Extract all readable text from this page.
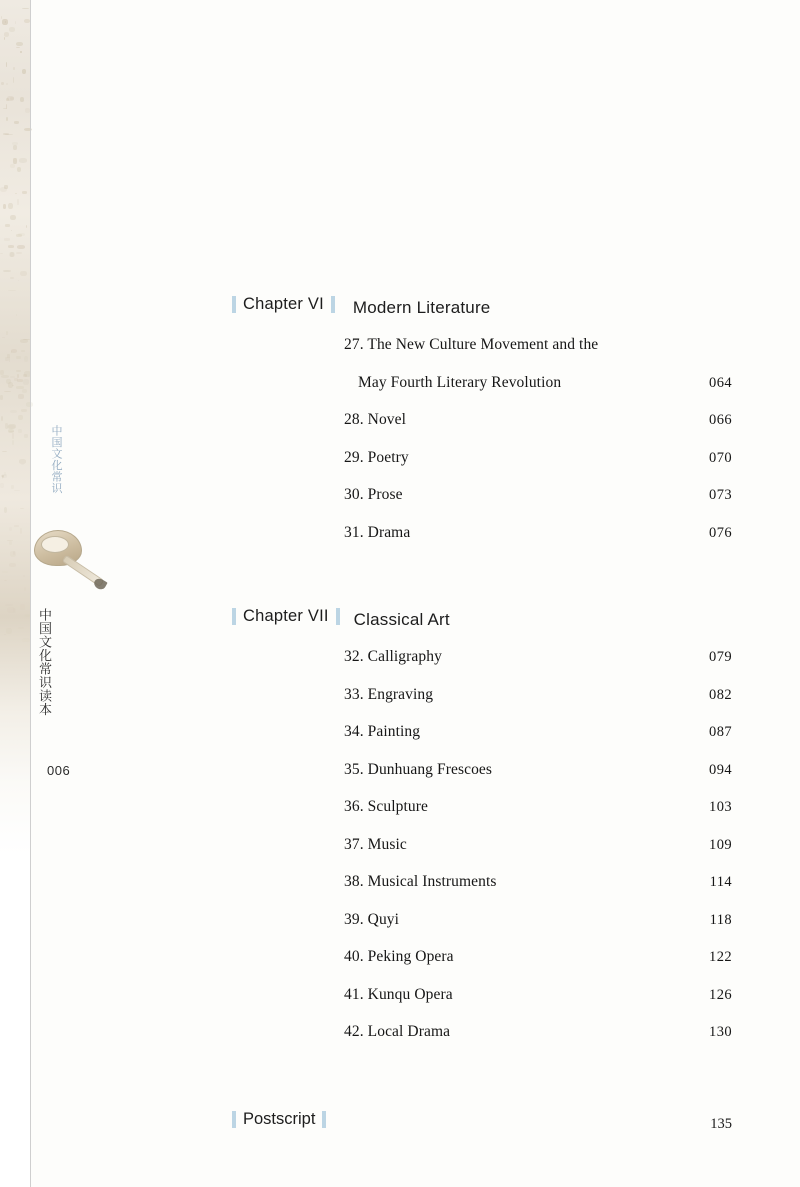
中国文化常识
中国文化常识读本
006
Chapter VI Modern Literature
27. The New Culture Movement and the
May Fourth Literary Revolution	064
28. Novel	066
29. Poetry	070
30. Prose	073
31. Drama	076
Chapter VII Classical Art
32. Calligraphy	079
33. Engraving	082
34. Painting	087
35. Dunhuang Frescoes	094
36. Sculpture	103
37. Music	109
38. Musical Instruments	114
39. Quyi	118
40. Peking Opera	122
41. Kunqu Opera	126
42. Local Drama	130
Postscript	135
